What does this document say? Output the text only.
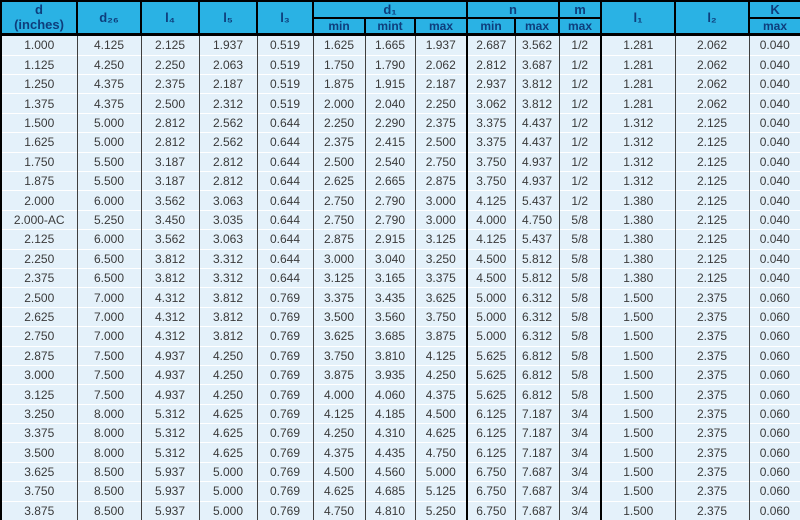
d
(inches)	d₂₆	l₄	l₅	l₃	d₁			n		m	l₁	l₂	K
					min	mint	max	min	max	max			max
1.000	4.125	2.125	1.937	0.519	1.625	1.665	1.937	2.687	3.562	1/2	1.281	2.062	0.040
1.125	4.250	2.250	2.063	0.519	1.750	1.790	2.062	2.812	3.687	1/2	1.281	2.062	0.040
1.250	4.375	2.375	2.187	0.519	1.875	1.915	2.187	2.937	3.812	1/2	1.281	2.062	0.040
1.375	4.375	2.500	2.312	0.519	2.000	2.040	2.250	3.062	3.812	1/2	1.281	2.062	0.040
1.500	5.000	2.812	2.562	0.644	2.250	2.290	2.375	3.375	4.437	1/2	1.312	2.125	0.040
1.625	5.000	2.812	2.562	0.644	2.375	2.415	2.500	3.375	4.437	1/2	1.312	2.125	0.040
1.750	5.500	3.187	2.812	0.644	2.500	2.540	2.750	3.750	4.937	1/2	1.312	2.125	0.040
1.875	5.500	3.187	2.812	0.644	2.625	2.665	2.875	3.750	4.937	1/2	1.312	2.125	0.040
2.000	6.000	3.562	3.063	0.644	2.750	2.790	3.000	4.125	5.437	1/2	1.380	2.125	0.040
2.000-AC	5.250	3.450	3.035	0.644	2.750	2.790	3.000	4.000	4.750	5/8	1.380	2.125	0.040
2.125	6.000	3.562	3.063	0.644	2.875	2.915	3.125	4.125	5.437	5/8	1.380	2.125	0.040
2.250	6.500	3.812	3.312	0.644	3.000	3.040	3.250	4.500	5.812	5/8	1.380	2.125	0.040
2.375	6.500	3.812	3.312	0.644	3.125	3.165	3.375	4.500	5.812	5/8	1.380	2.125	0.040
2.500	7.000	4.312	3.812	0.769	3.375	3.435	3.625	5.000	6.312	5/8	1.500	2.375	0.060
2.625	7.000	4.312	3.812	0.769	3.500	3.560	3.750	5.000	6.312	5/8	1.500	2.375	0.060
2.750	7.000	4.312	3.812	0.769	3.625	3.685	3.875	5.000	6.312	5/8	1.500	2.375	0.060
2.875	7.500	4.937	4.250	0.769	3.750	3.810	4.125	5.625	6.812	5/8	1.500	2.375	0.060
3.000	7.500	4.937	4.250	0.769	3.875	3.935	4.250	5.625	6.812	5/8	1.500	2.375	0.060
3.125	7.500	4.937	4.250	0.769	4.000	4.060	4.375	5.625	6.812	5/8	1.500	2.375	0.060
3.250	8.000	5.312	4.625	0.769	4.125	4.185	4.500	6.125	7.187	3/4	1.500	2.375	0.060
3.375	8.000	5.312	4.625	0.769	4.250	4.310	4.625	6.125	7.187	3/4	1.500	2.375	0.060
3.500	8.000	5.312	4.625	0.769	4.375	4.435	4.750	6.125	7.187	3/4	1.500	2.375	0.060
3.625	8.500	5.937	5.000	0.769	4.500	4.560	5.000	6.750	7.687	3/4	1.500	2.375	0.060
3.750	8.500	5.937	5.000	0.769	4.625	4.685	5.125	6.750	7.687	3/4	1.500	2.375	0.060
3.875	8.500	5.937	5.000	0.769	4.750	4.810	5.250	6.750	7.687	3/4	1.500	2.375	0.060
